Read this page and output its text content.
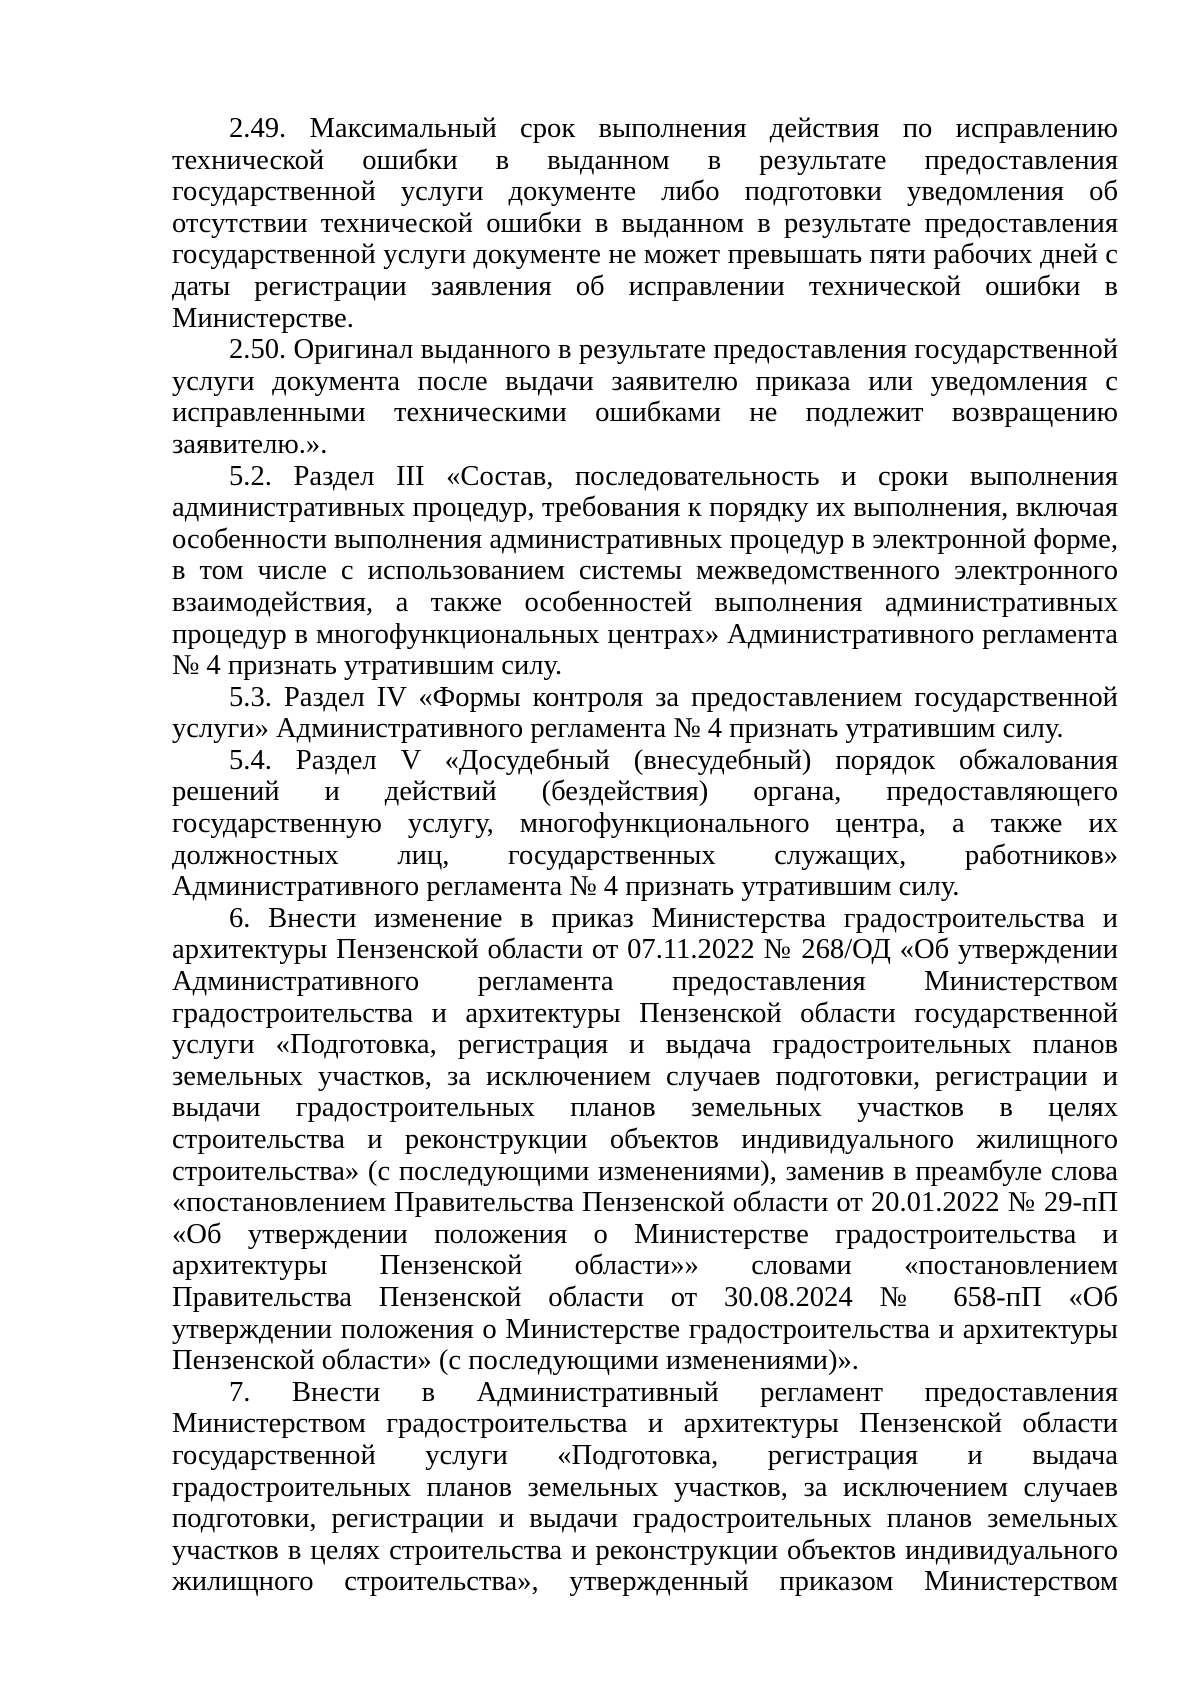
2.49. Максимальный срок выполнения действия по исправлению технической ошибки в выданном в результате предоставления государственной услуги документе либо подготовки уведомления об отсутствии технической ошибки в выданном в результате предоставления государственной услуги документе не может превышать пяти рабочих дней с даты регистрации заявления об исправлении технической ошибки в Министерстве.

2.50. Оригинал выданного в результате предоставления государственной услуги документа после выдачи заявителю приказа или уведомления с исправленными техническими ошибками не подлежит возвращению заявителю.».

5.2. Раздел III «Состав, последовательность и сроки выполнения административных процедур, требования к порядку их выполнения, включая особенности выполнения административных процедур в электронной форме, в том числе с использованием системы межведомственного электронного взаимодействия, а также особенностей выполнения административных процедур в многофункциональных центрах» Административного регламента № 4 признать утратившим силу.

5.3. Раздел IV «Формы контроля за предоставлением государственной услуги» Административного регламента № 4 признать утратившим силу.

5.4. Раздел V «Досудебный (внесудебный) порядок обжалования решений и действий (бездействия) органа, предоставляющего государственную услугу, многофункционального центра, а также их должностных лиц, государственных служащих, работников» Административного регламента № 4 признать утратившим силу.

6. Внести изменение в приказ Министерства градостроительства и архитектуры Пензенской области от 07.11.2022 № 268/ОД «Об утверждении Административного регламента предоставления Министерством градостроительства и архитектуры Пензенской области государственной услуги «Подготовка, регистрация и выдача градостроительных планов земельных участков, за исключением случаев подготовки, регистрации и выдачи градостроительных планов земельных участков в целях строительства и реконструкции объектов индивидуального жилищного строительства» (с последующими изменениями), заменив в преамбуле слова «постановлением Правительства Пензенской области от 20.01.2022 № 29-пП «Об утверждении положения о Министерстве градостроительства и архитектуры Пензенской области»» словами «постановлением Правительства Пензенской области от 30.08.2024 № 658-пП «Об утверждении положения о Министерстве градостроительства и архитектуры Пензенской области» (с последующими изменениями)».

7. Внести в Административный регламент предоставления Министерством градостроительства и архитектуры Пензенской области государственной услуги «Подготовка, регистрация и выдача градостроительных планов земельных участков, за исключением случаев подготовки, регистрации и выдачи градостроительных планов земельных участков в целях строительства и реконструкции объектов индивидуального жилищного строительства», утвержденный приказом Министерством
